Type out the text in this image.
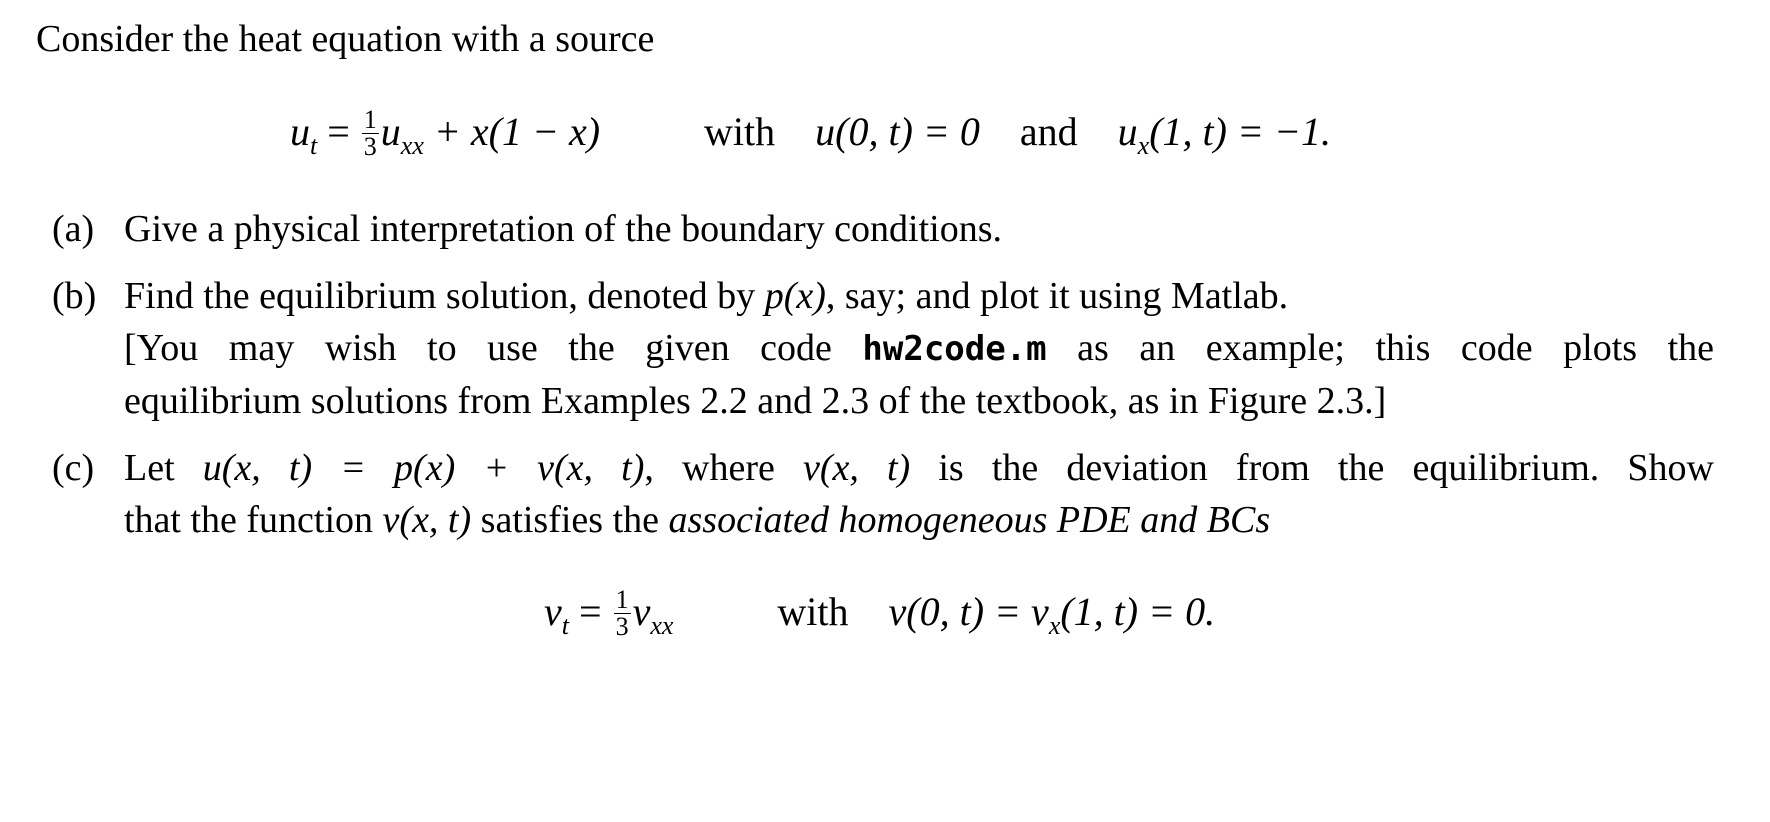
Consider the heat equation with a source
$u_t = \frac{1}{3} u_{xx} + x(1 - x)$	with u(0, t) = 0 and $u_x(1$, t) = −1.
(a) Give a physical interpretation of the boundary conditions.
(b) Find the equilibrium solution, denoted by p(x), say; and plot it using Matlab.
[You may wish to use the given code hw2code.m as an example; this code plots the
equilibrium solutions from Examples 2.2 and 2.3 of the textbook, as in Figure 2.3.]
(c) Let u(x, t) = p(x) + v(x, t), where v(x, t) is the deviation from the equilibrium. Show
that the function v(x, t) satisfies the associated homogeneous PDE and BCs
$v_t = \frac{1}{3} v_{xx}$	with v(0, $t) = v_x(1$, t) = 0.
